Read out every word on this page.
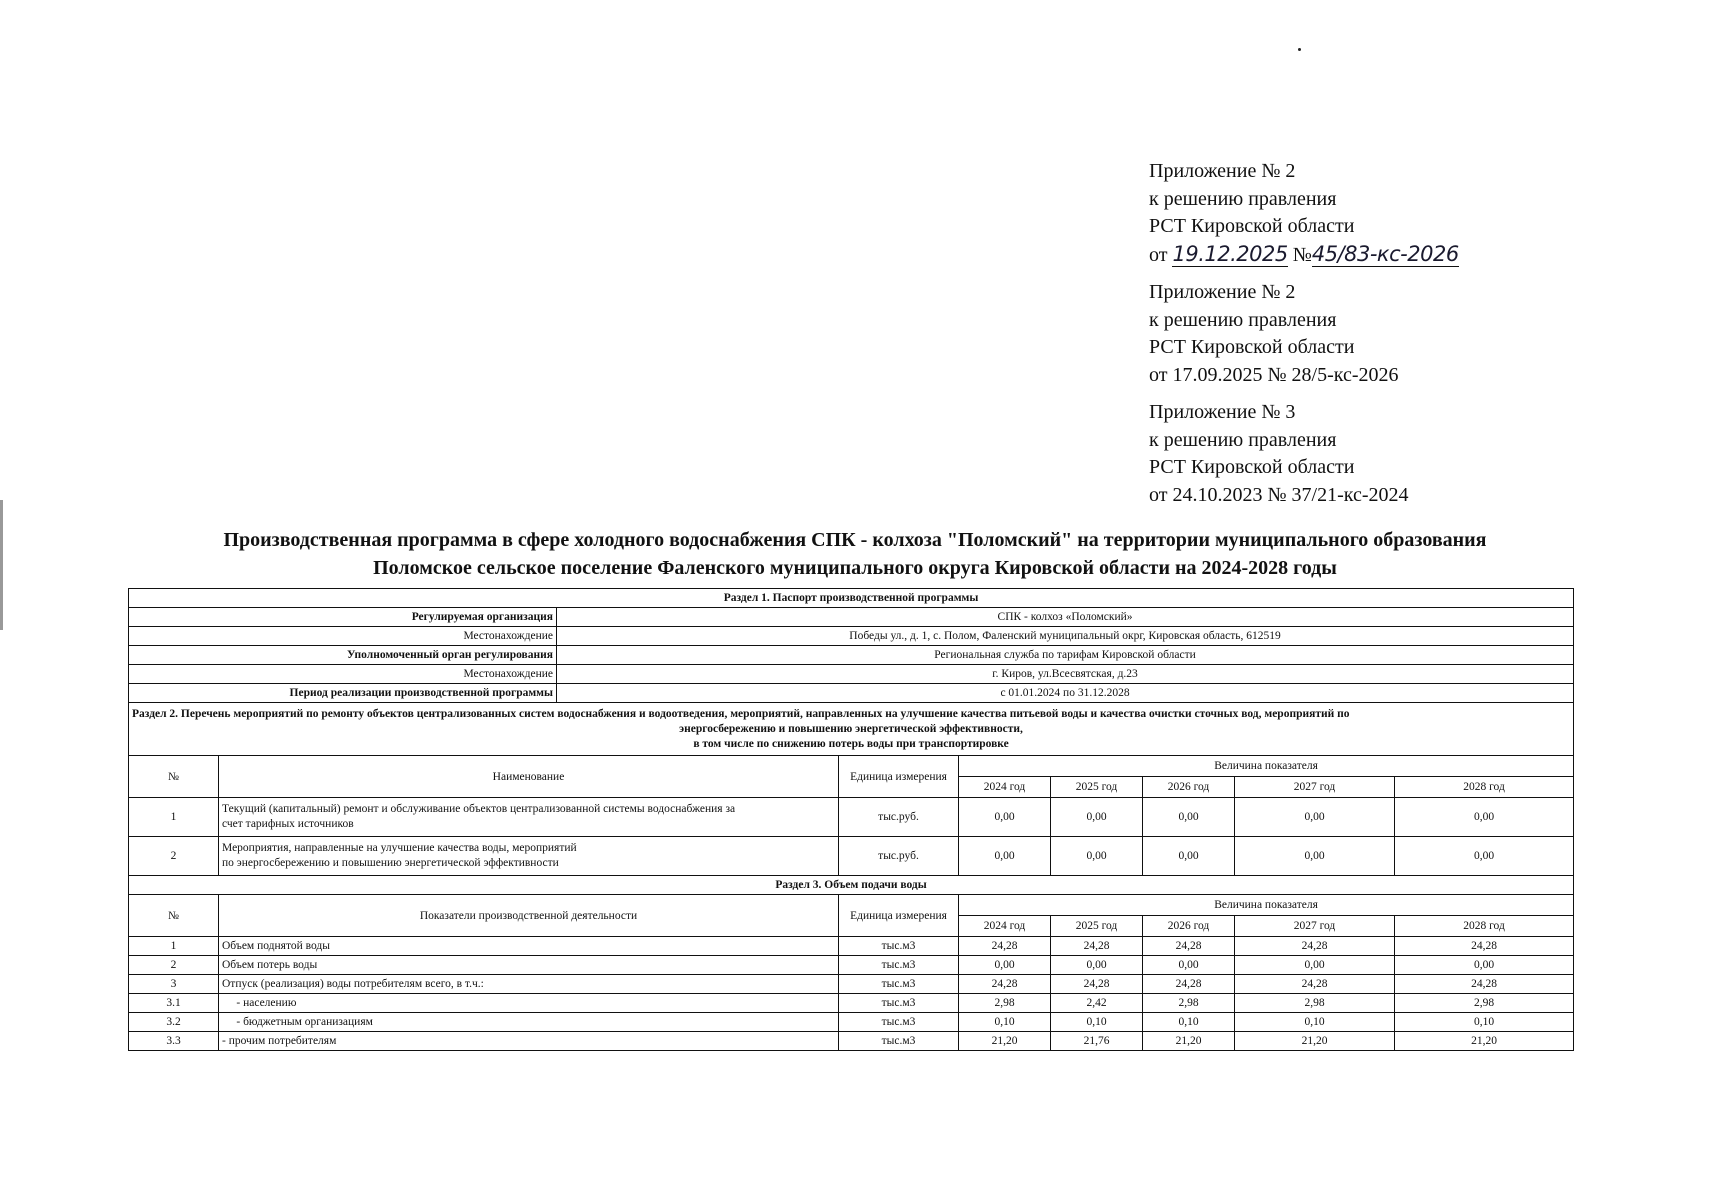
Приложение № 2
к решению правления
РСТ Кировской области
от 19.12.2025 №45/83-кс-2026
Приложение № 2
к решению правления
РСТ Кировской области
от 17.09.2025 № 28/5-кс-2026
Приложение № 3
к решению правления
РСТ Кировской области
от 24.10.2023 № 37/21-кс-2024
Производственная программа в сфере холодного водоснабжения СПК - колхоза "Поломский" на территории муниципального образования
Поломское сельское поселение Фаленского муниципального округа Кировской области на 2024-2028 годы
Раздел 1. Паспорт производственной программы								
Регулируемая организация		СПК - колхоз «Поломский»						
Местонахождение		Победы ул., д. 1, с. Полом, Фаленский муниципальный окрг, Кировская область, 612519						
Уполномоченный орган регулирования		Региональная служба по тарифам Кировской области						
Местонахождение		г. Киров, ул.Всесвятская, д.23						
Период реализации производственной программы		с 01.01.2024 по 31.12.2028						

Раздел 2. Перечень мероприятий по ремонту объектов централизованных систем водоснабжения и водоотведения, мероприятий, направленных на улучшение качества питьевой воды и качества очистки сточных вод, мероприятий по
энергосбережению и повышению энергетической эффективности,
в том числе по снижению потерь воды при транспортировке								

№	Наименование		Единица измерения	Величина показателя				
				2024 год	2025 год	2026 год	2027 год	2028 год
1	Текущий (капитальный) ремонт и обслуживание объектов централизованной системы водоснабжения за
счет тарифных источников		тыс.руб.	0,00	0,00	0,00	0,00	0,00
2	Мероприятия, направленные на улучшение качества воды, мероприятий
по энергосбережению и повышению энергетической эффективности		тыс.руб.	0,00	0,00	0,00	0,00	0,00
Раздел 3. Объем подачи воды								
№	Показатели производственной деятельности		Единица измерения	Величина показателя				
				2024 год	2025 год	2026 год	2027 год	2028 год
1	Объем поднятой воды		тыс.м3	24,28	24,28	24,28	24,28	24,28
2	Объем потерь воды		тыс.м3	0,00	0,00	0,00	0,00	0,00
3	Отпуск (реализация) воды потребителям всего, в т.ч.:		тыс.м3	24,28	24,28	24,28	24,28	24,28
3.1	- населению		тыс.м3	2,98	2,42	2,98	2,98	2,98
3.2	- бюджетным организациям		тыс.м3	0,10	0,10	0,10	0,10	0,10
3.3	- прочим потребителям		тыс.м3	21,20	21,76	21,20	21,20	21,20
